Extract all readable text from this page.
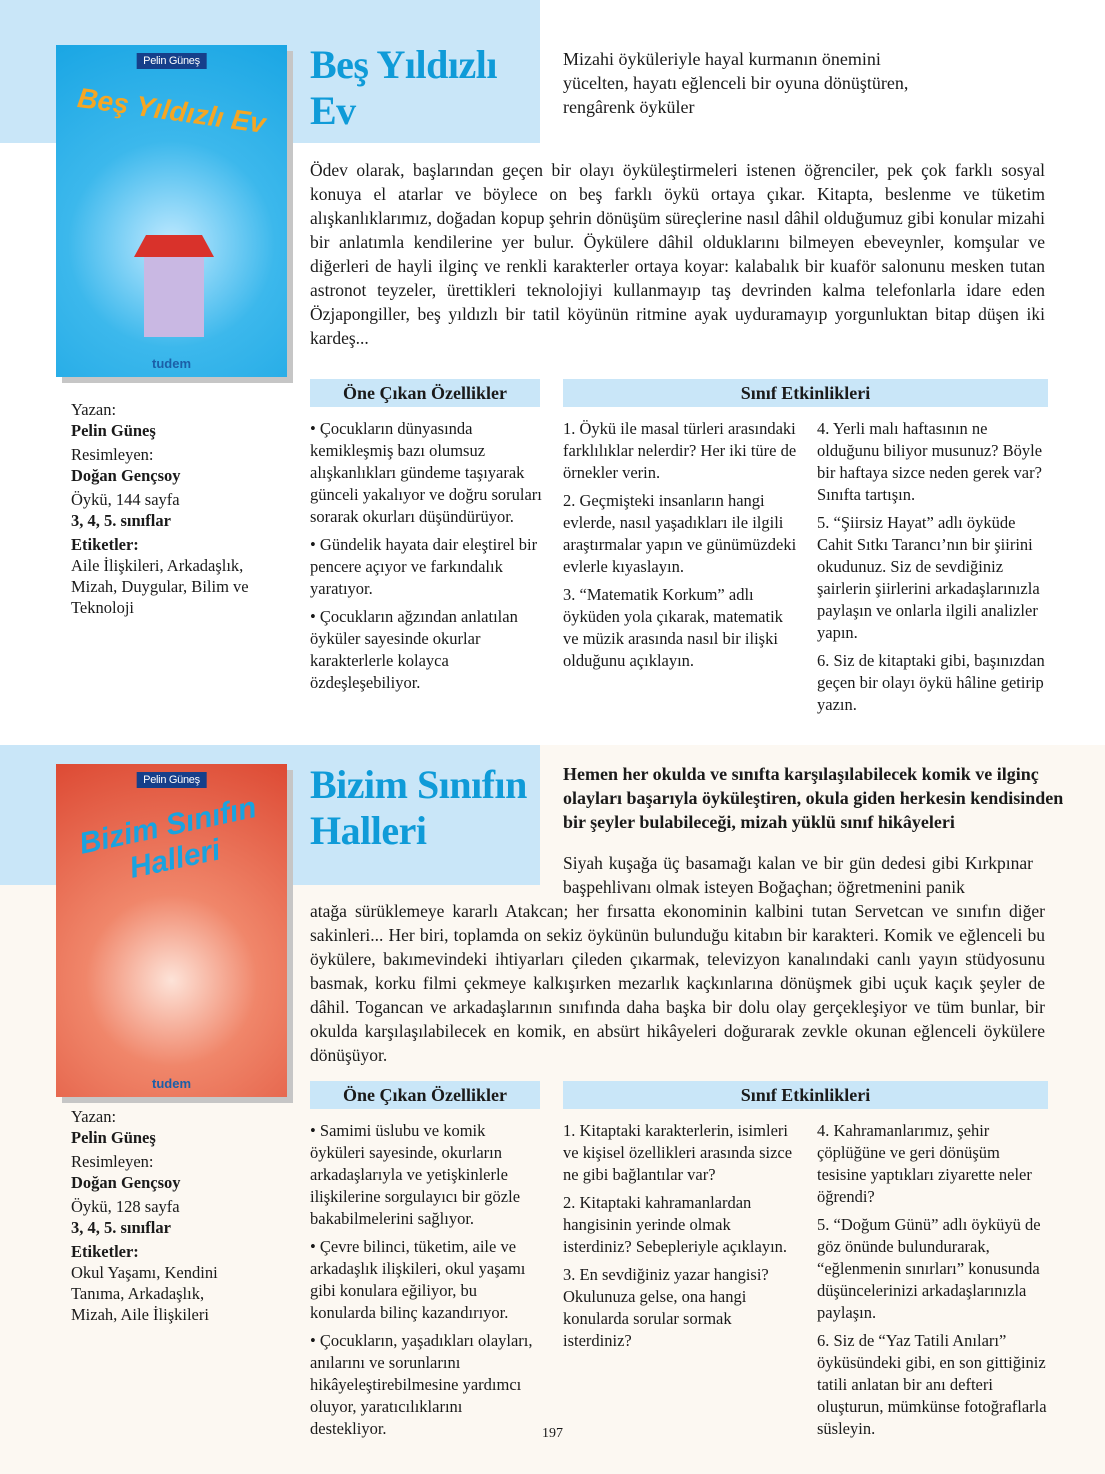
Pelin Güneş
Beş Yıldızlı Ev
tudem
Beş Yıldızlı Ev
Mizahi öyküleriyle hayal kurmanın önemini yücelten, hayatı eğlenceli bir oyuna dönüştüren, rengârenk öyküler
Ödev olarak, başlarından geçen bir olayı öyküleştirmeleri istenen öğrenciler, pek çok farklı sosyal konuya el atarlar ve böylece on beş farklı öykü ortaya çıkar. Kitapta, beslenme ve tüketim alışkanlıklarımız, doğadan kopup şehrin dönüşüm süreçlerine nasıl dâhil olduğumuz gibi konular mizahi bir anlatımla kendilerine yer bulur. Öykülere dâhil olduklarını bilmeyen ebeveynler, komşular ve diğerleri de hayli ilginç ve renkli karakterler ortaya koyar: kalabalık bir kuaför salonunu mesken tutan astronot teyzeler, ürettikleri teknolojiyi kullanmayıp taş devrinden kalma telefonlarla idare eden Özjapongiller, beş yıldızlı bir tatil köyünün ritmine ayak uyduramayıp yorgunluktan bitap düşen iki kardeş...
Yazan:
Pelin Güneş
Resimleyen:
Doğan Gençsoy
Öykü, 144 sayfa
3, 4, 5. sınıflar
Etiketler:
Aile İlişkileri, Arkadaşlık, Mizah, Duygular, Bilim ve Teknoloji
Öne Çıkan Özellikler	Sınıf Etkinlikleri

• Çocukların dünyasında kemikleşmiş bazı olumsuz alışkanlıkları gündeme taşıyarak günceli yakalıyor ve doğru soruları sorarak okurları düşündürüyor.

• Gündelik hayata dair eleştirel bir pencere açıyor ve farkındalık yaratıyor.

• Çocukların ağzından anlatılan öyküler sayesinde okurlar karakterlerle kolayca özdeşleşebiliyor.

1. Öykü ile masal türleri arasındaki farklılıklar nelerdir? Her iki türe de örnekler verin.

2. Geçmişteki insanların hangi evlerde, nasıl yaşadıkları ile ilgili araştırmalar yapın ve günümüzdeki evlerle kıyaslayın.

3. “Matematik Korkum” adlı öyküden yola çıkarak, matematik ve müzik arasında nasıl bir ilişki olduğunu açıklayın.

4. Yerli malı haftasının ne olduğunu biliyor musunuz? Böyle bir haftaya sizce neden gerek var? Sınıfta tartışın.

5. “Şiirsiz Hayat” adlı öyküde Cahit Sıtkı Tarancı’nın bir şiirini okudunuz. Siz de sevdiğiniz şairlerin şiirlerini arkadaşlarınızla paylaşın ve onlarla ilgili analizler yapın.

6. Siz de kitaptaki gibi, başınızdan geçen bir olayı öykü hâline getirip yazın.

Pelin Güneş
Bizim Sınıfın Halleri
tudem
Bizim Sınıfın Halleri
Hemen her okulda ve sınıfta karşılaşılabilecek komik ve ilginç olayları başarıyla öyküleştiren, okula giden herkesin kendisinden bir şeyler bulabileceği, mizah yüklü sınıf hikâyeleri
Siyah kuşağa üç basamağı kalan ve bir gün dedesi gibi Kırkpınar başpehlivanı olmak isteyen Boğaçhan; öğretmenini panik
atağa sürüklemeye kararlı Atakcan; her fırsatta ekonominin kalbini tutan Servetcan ve sınıfın diğer sakinleri... Her biri, toplamda on sekiz öykünün bulunduğu kitabın bir karakteri. Komik ve eğlenceli bu öykülere, bakımevindeki ihtiyarları çileden çıkarmak, televizyon kanalındaki canlı yayın stüdyosunu basmak, korku filmi çekmeye kalkışırken mezarlık kaçkınlarına dönüşmek gibi uçuk kaçık şeyler de dâhil. Togancan ve arkadaşlarının sınıfında daha başka bir dolu olay gerçekleşiyor ve tüm bunlar, bir okulda karşılaşılabilecek en komik, en absürt hikâyeleri doğurarak zevkle okunan eğlenceli öykülere dönüşüyor.
Yazan:
Pelin Güneş
Resimleyen:
Doğan Gençsoy
Öykü, 128 sayfa
3, 4, 5. sınıflar
Etiketler:
Okul Yaşamı, Kendini Tanıma, Arkadaşlık, Mizah, Aile İlişkileri
Öne Çıkan Özellikler	Sınıf Etkinlikleri

• Samimi üslubu ve komik öyküleri sayesinde, okurların arkadaşlarıyla ve yetişkinlerle ilişkilerine sorgulayıcı bir gözle bakabilmelerini sağlıyor.

• Çevre bilinci, tüketim, aile ve arkadaşlık ilişkileri, okul yaşamı gibi konulara eğiliyor, bu konularda bilinç kazandırıyor.

• Çocukların, yaşadıkları olayları, anılarını ve sorunlarını hikâyeleştirebilmesine yardımcı oluyor, yaratıcılıklarını destekliyor.

1. Kitaptaki karakterlerin, isimleri ve kişisel özellikleri arasında sizce ne gibi bağlantılar var?

2. Kitaptaki kahramanlardan hangisinin yerinde olmak isterdiniz? Sebepleriyle açıklayın.

3. En sevdiğiniz yazar hangisi? Okulunuza gelse, ona hangi konularda sorular sormak isterdiniz?

4. Kahramanlarımız, şehir çöplüğüne ve geri dönüşüm tesisine yaptıkları ziyarette neler öğrendi?

5. “Doğum Günü” adlı öyküyü de göz önünde bulundurarak, “eğlenmenin sınırları” konusunda düşüncelerinizi arkadaşlarınızla paylaşın.

6. Siz de “Yaz Tatili Anıları” öyküsündeki gibi, en son gittiğiniz tatili anlatan bir anı defteri oluşturun, mümkünse fotoğraflarla süsleyin.

197
